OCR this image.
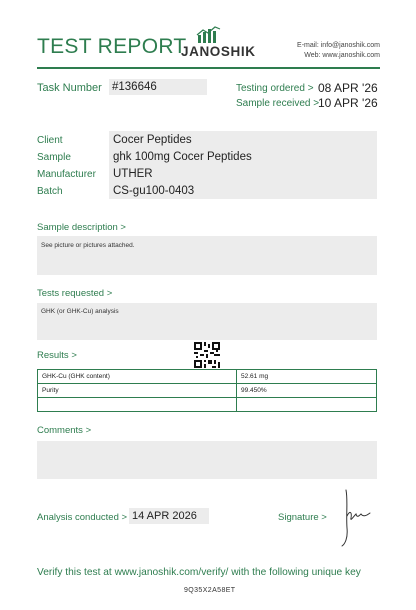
TEST REPORT
JANOSHIK	E-mail: info@janoshik.com
Web: www.janoshik.com
Task Number #136646	Testing ordered > 08 APR '26
Sample received >
10 APR '26
Client	Cocer Peptides
Sample	ghk 100mg Cocer Peptides
Manufacturer UTHER
Batch	CS-gu100-0403
Sample description >
See picture or pictures attached.
Tests requested >
GHK (or GHK-Cu) analysis
Results >
GHK-Cu (GHK content)	52.61 mg
Purity	99.450%

Comments >
Analysis conducted > 14 APR 2026	Signature >
Verify this test at www.janoshik.com/verify/ with the following unique key
9Q35X2A58ET
